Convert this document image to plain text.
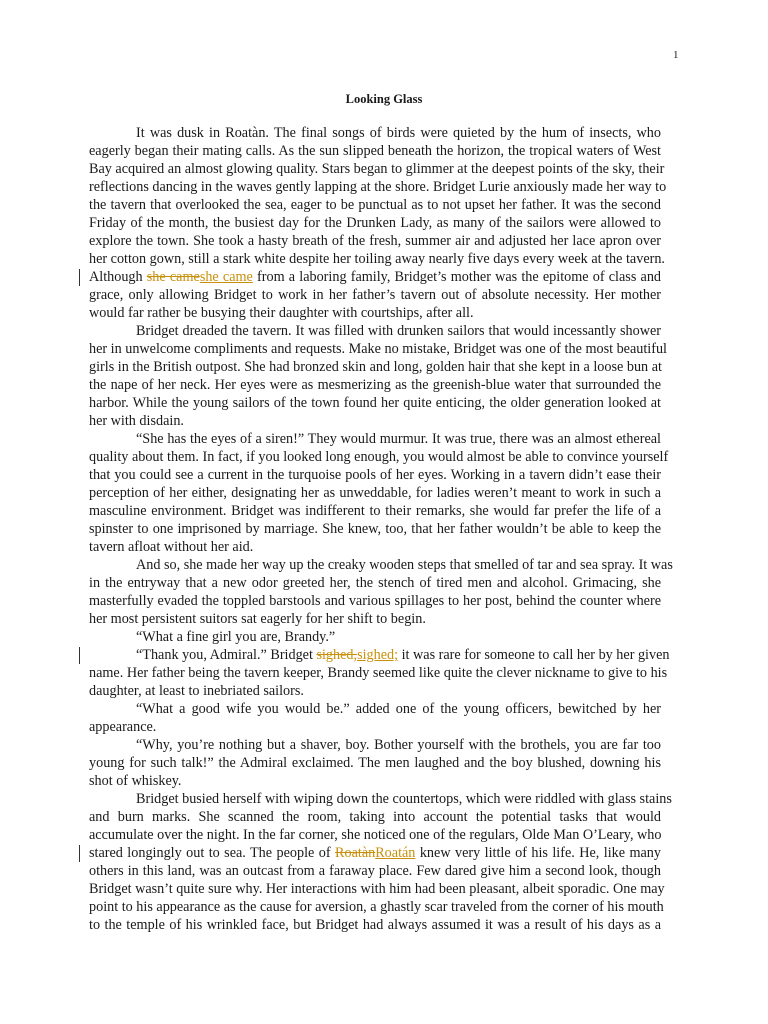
1
Looking Glass
It was dusk in Roatàn. The final songs of birds were quieted by the hum of insects, who
eagerly began their mating calls. As the sun slipped beneath the horizon, the tropical waters of West
Bay acquired an almost glowing quality. Stars began to glimmer at the deepest points of the sky, their
reflections dancing in the waves gently lapping at the shore. Bridget Lurie anxiously made her way to
the tavern that overlooked the sea, eager to be punctual as to not upset her father. It was the second
Friday of the month, the busiest day for the Drunken Lady, as many of the sailors were allowed to
explore the town. She took a hasty breath of the fresh, summer air and adjusted her lace apron over
her cotton gown, still a stark white despite her toiling away nearly five days every week at the tavern.
Although she cameshe came from a laboring family, Bridget’s mother was the epitome of class and
grace, only allowing Bridget to work in her father’s tavern out of absolute necessity. Her mother
would far rather be busying their daughter with courtships, after all.
Bridget dreaded the tavern. It was filled with drunken sailors that would incessantly shower
her in unwelcome compliments and requests. Make no mistake, Bridget was one of the most beautiful
girls in the British outpost. She had bronzed skin and long, golden hair that she kept in a loose bun at
the nape of her neck. Her eyes were as mesmerizing as the greenish-blue water that surrounded the
harbor. While the young sailors of the town found her quite enticing, the older generation looked at
her with disdain.
“She has the eyes of a siren!” They would murmur. It was true, there was an almost ethereal
quality about them. In fact, if you looked long enough, you would almost be able to convince yourself
that you could see a current in the turquoise pools of her eyes. Working in a tavern didn’t ease their
perception of her either, designating her as unweddable, for ladies weren’t meant to work in such a
masculine environment. Bridget was indifferent to their remarks, she would far prefer the life of a
spinster to one imprisoned by marriage. She knew, too, that her father wouldn’t be able to keep the
tavern afloat without her aid.
And so, she made her way up the creaky wooden steps that smelled of tar and sea spray. It was
in the entryway that a new odor greeted her, the stench of tired men and alcohol. Grimacing, she
masterfully evaded the toppled barstools and various spillages to her post, behind the counter where
her most persistent suitors sat eagerly for her shift to begin.
“What a fine girl you are, Brandy.”
“Thank you, Admiral.” Bridget sighed,sighed; it was rare for someone to call her by her given
name. Her father being the tavern keeper, Brandy seemed like quite the clever nickname to give to his
daughter, at least to inebriated sailors.
“What a good wife you would be.” added one of the young officers, bewitched by her
appearance.
“Why, you’re nothing but a shaver, boy. Bother yourself with the brothels, you are far too
young for such talk!” the Admiral exclaimed. The men laughed and the boy blushed, downing his
shot of whiskey.
Bridget busied herself with wiping down the countertops, which were riddled with glass stains
and burn marks. She scanned the room, taking into account the potential tasks that would
accumulate over the night. In the far corner, she noticed one of the regulars, Olde Man O’Leary, who
stared longingly out to sea. The people of RoatànRoatán knew very little of his life. He, like many
others in this land, was an outcast from a faraway place. Few dared give him a second look, though
Bridget wasn’t quite sure why. Her interactions with him had been pleasant, albeit sporadic. One may
point to his appearance as the cause for aversion, a ghastly scar traveled from the corner of his mouth
to the temple of his wrinkled face, but Bridget had always assumed it was a result of his days as a
